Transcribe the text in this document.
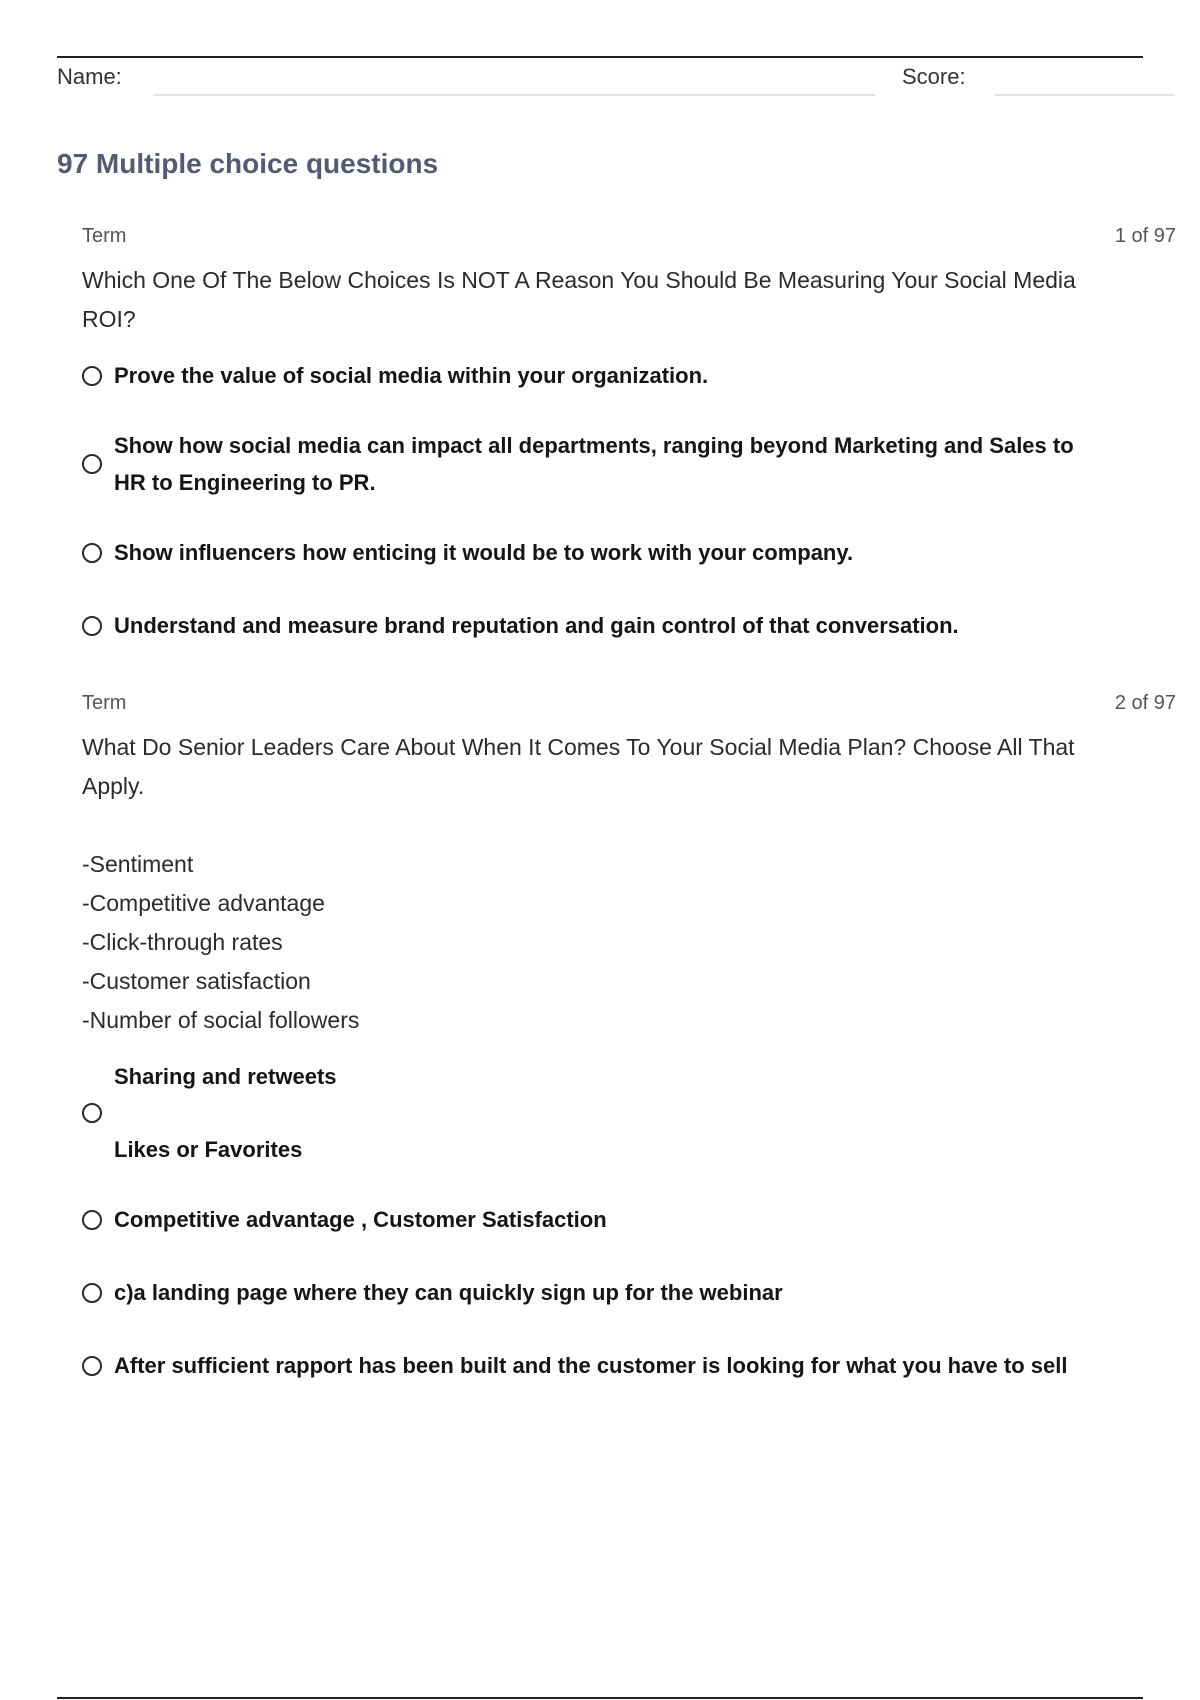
Name:	Score:
97 Multiple choice questions
Term	1 of 97
Which One Of The Below Choices Is NOT A Reason You Should Be Measuring Your Social Media
ROI?
Prove the value of social media within your organization.
Show how social media can impact all departments, ranging beyond Marketing and Sales to
HR to Engineering to PR.
Show influencers how enticing it would be to work with your company.
Understand and measure brand reputation and gain control of that conversation.
Term	2 of 97
What Do Senior Leaders Care About When It Comes To Your Social Media Plan? Choose All That
Apply.
-Sentiment
-Competitive advantage
-Click-through rates
-Customer satisfaction
-Number of social followers
Sharing and retweets
Likes or Favorites
Competitive advantage , Customer Satisfaction
c)a landing page where they can quickly sign up for the webinar
After sufficient rapport has been built and the customer is looking for what you have to sell
